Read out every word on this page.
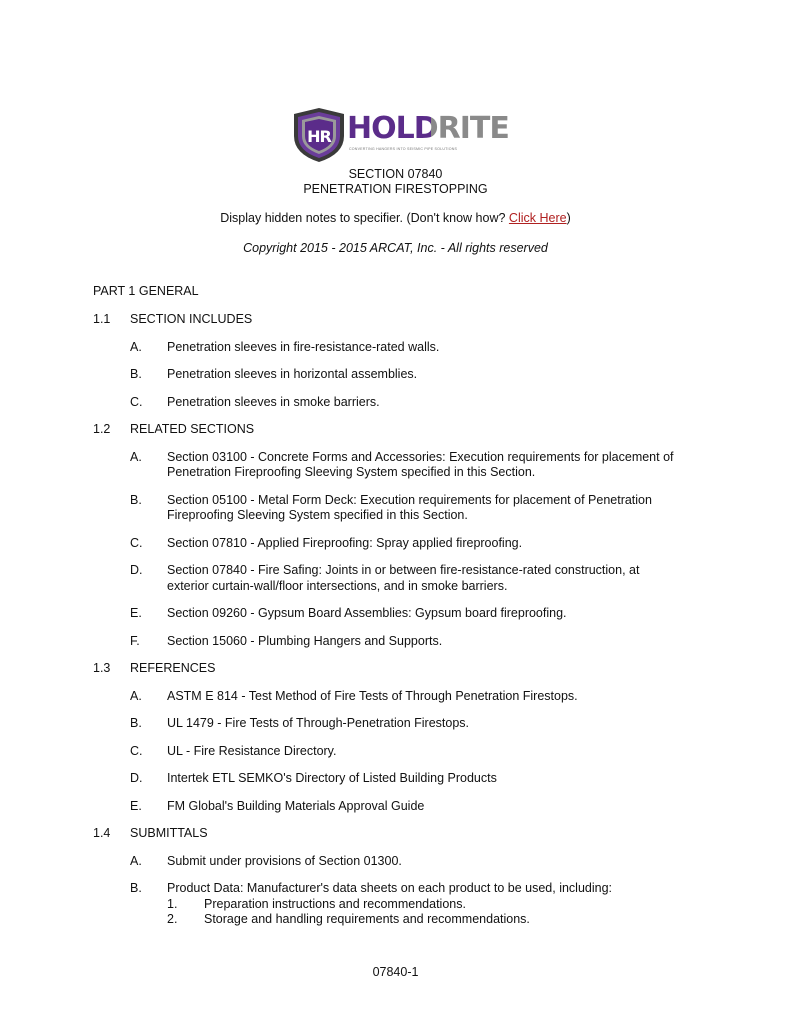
HR HOLDRITE
CONVERTING HANGERS INTO SEISMIC PIPE SOLUTIONS
SECTION 07840
PENETRATION FIRESTOPPING
Display hidden notes to specifier. (Don't know how? Click Here)
Copyright 2015 - 2015 ARCAT, Inc. - All rights reserved
PART 1 GENERAL
1.1 SECTION INCLUDES
A. Penetration sleeves in fire-resistance-rated walls.
B. Penetration sleeves in horizontal assemblies.
C. Penetration sleeves in smoke barriers.
1.2 RELATED SECTIONS
A. Section 03100 - Concrete Forms and Accessories: Execution requirements for placement of
Penetration Fireproofing Sleeving System specified in this Section.
B. Section 05100 - Metal Form Deck: Execution requirements for placement of Penetration
Fireproofing Sleeving System specified in this Section.
C. Section 07810 - Applied Fireproofing: Spray applied fireproofing.
D. Section 07840 - Fire Safing: Joints in or between fire-resistance-rated construction, at
exterior curtain-wall/floor intersections, and in smoke barriers.
E. Section 09260 - Gypsum Board Assemblies: Gypsum board fireproofing.
F. Section 15060 - Plumbing Hangers and Supports.
1.3 REFERENCES
A. ASTM E 814 - Test Method of Fire Tests of Through Penetration Firestops.
B. UL 1479 - Fire Tests of Through-Penetration Firestops.
C. UL - Fire Resistance Directory.
D. Intertek ETL SEMKO's Directory of Listed Building Products
E. FM Global's Building Materials Approval Guide
1.4 SUBMITTALS
A. Submit under provisions of Section 01300.
B. Product Data: Manufacturer's data sheets on each product to be used, including:
1. Preparation instructions and recommendations.
2. Storage and handling requirements and recommendations.
07840-1
